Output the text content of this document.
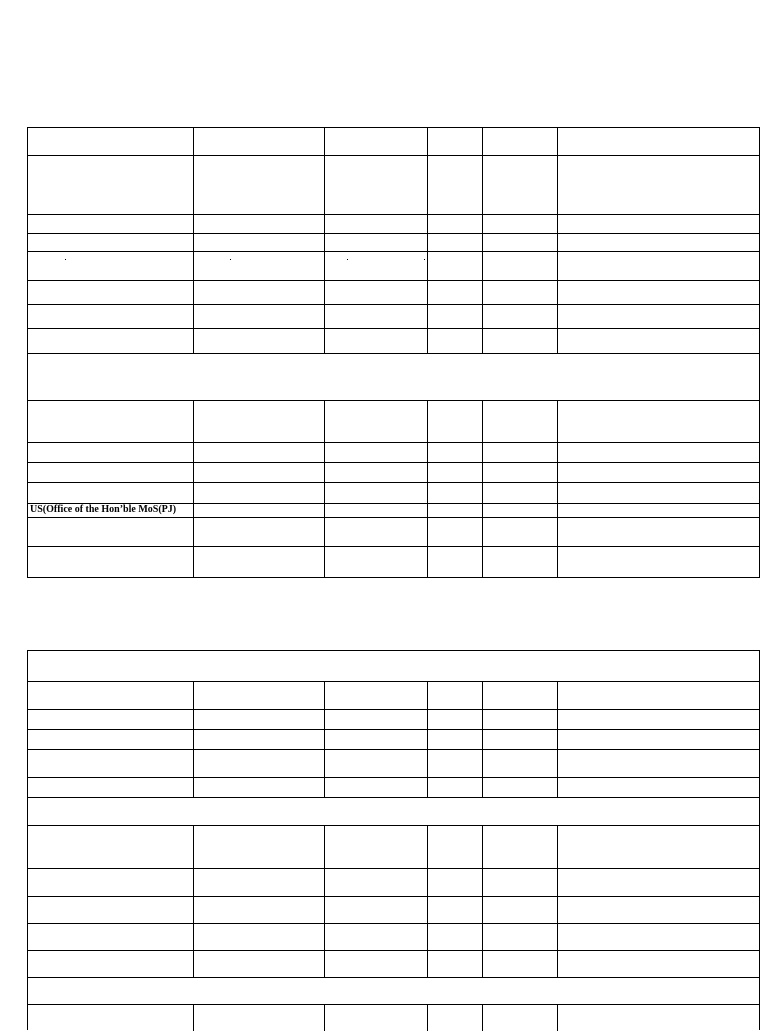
US(Office of the Hon’ble MoS(PJ)
